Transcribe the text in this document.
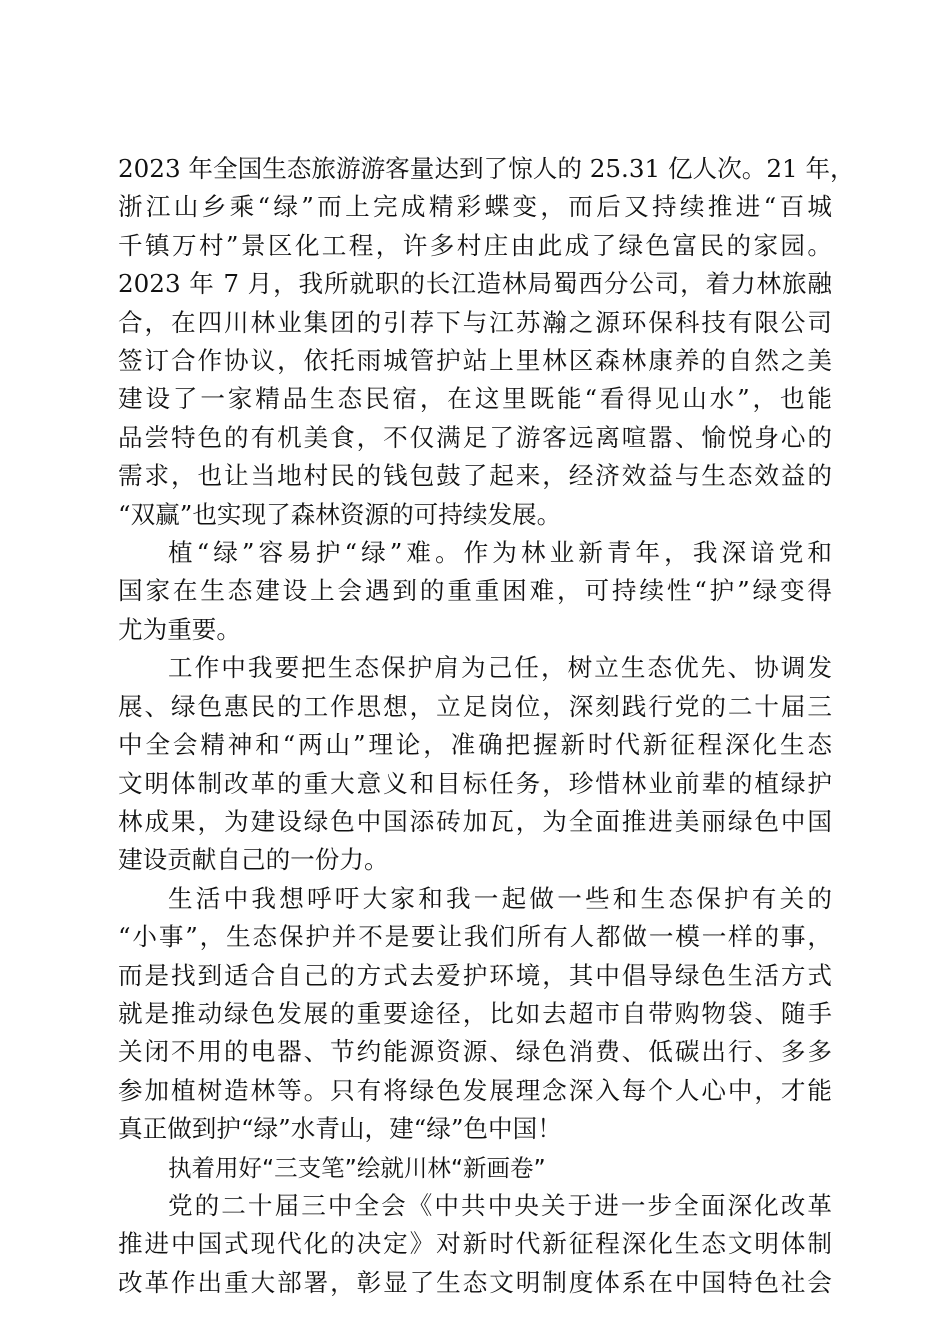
2023 年全国生态旅游游客量达到了惊人的 25.31 亿人次。21 年，
浙江山乡乘“绿”而上完成精彩蝶变，而后又持续推进“百城
千镇万村”景区化工程，许多村庄由此成了绿色富民的家园。
2023 年 7 月，我所就职的长江造林局蜀西分公司，着力林旅融
合，在四川林业集团的引荐下与江苏瀚之源环保科技有限公司
签订合作协议，依托雨城管护站上里林区森林康养的自然之美
建设了一家精品生态民宿，在这里既能“看得见山水”，也能
品尝特色的有机美食，不仅满足了游客远离喧嚣、愉悦身心的
需求，也让当地村民的钱包鼓了起来，经济效益与生态效益的
“双赢”也实现了森林资源的可持续发展。

植“绿”容易护“绿”难。作为林业新青年，我深谙党和
国家在生态建设上会遇到的重重困难，可持续性“护”绿变得
尤为重要。

工作中我要把生态保护肩为己任，树立生态优先、协调发
展、绿色惠民的工作思想，立足岗位，深刻践行党的二十届三
中全会精神和“两山”理论，准确把握新时代新征程深化生态
文明体制改革的重大意义和目标任务，珍惜林业前辈的植绿护
林成果，为建设绿色中国添砖加瓦，为全面推进美丽绿色中国
建设贡献自己的一份力。

生活中我想呼吁大家和我一起做一些和生态保护有关的
“小事”，生态保护并不是要让我们所有人都做一模一样的事，
而是找到适合自己的方式去爱护环境，其中倡导绿色生活方式
就是推动绿色发展的重要途径，比如去超市自带购物袋、随手
关闭不用的电器、节约能源资源、绿色消费、低碳出行、多多
参加植树造林等。只有将绿色发展理念深入每个人心中，才能
真正做到护“绿”水青山，建“绿”色中国！

执着用好“三支笔”绘就川林“新画卷”

党的二十届三中全会《中共中央关于进一步全面深化改革
推进中国式现代化的决定》对新时代新征程深化生态文明体制
改革作出重大部署，彰显了生态文明制度体系在中国特色社会
